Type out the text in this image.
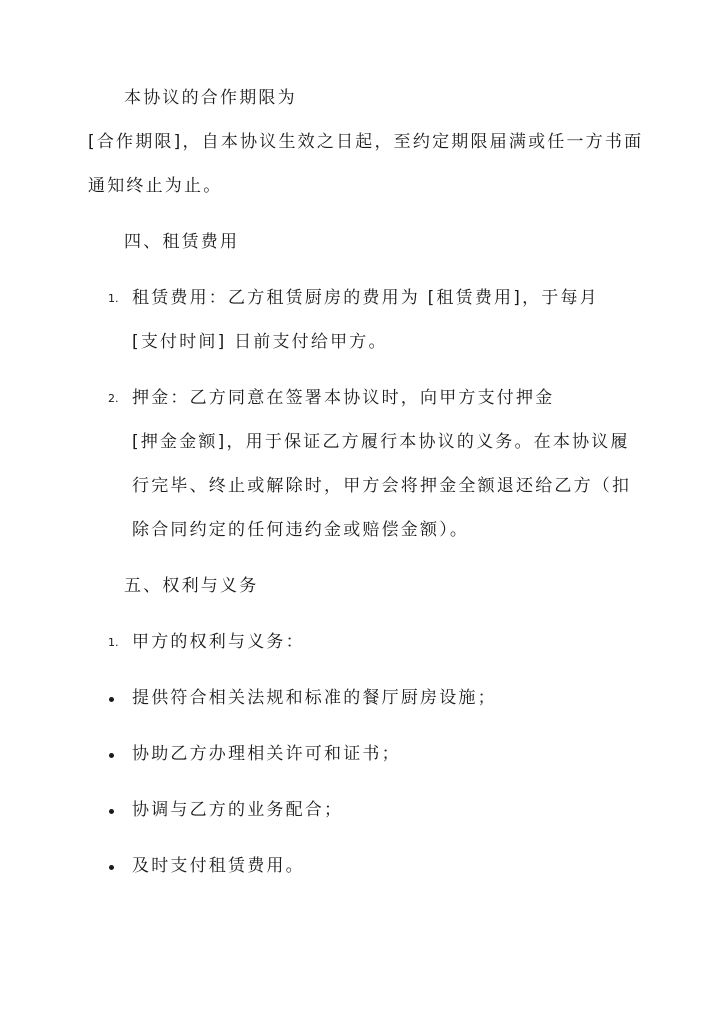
本协议的合作期限为
[合作期限]，自本协议生效之日起，至约定期限届满或任一方书面
通知终止为止。
四、租赁费用
1. 租赁费用：乙方租赁厨房的费用为 [租赁费用]，于每月
[支付时间] 日前支付给甲方。
2. 押金：乙方同意在签署本协议时，向甲方支付押金
[押金金额]，用于保证乙方履行本协议的义务。在本协议履
行完毕、终止或解除时，甲方会将押金全额退还给乙方（扣
除合同约定的任何违约金或赔偿金额）。
五、权利与义务
1. 甲方的权利与义务：
提供符合相关法规和标准的餐厅厨房设施；
协助乙方办理相关许可和证书；
协调与乙方的业务配合；
及时支付租赁费用。
